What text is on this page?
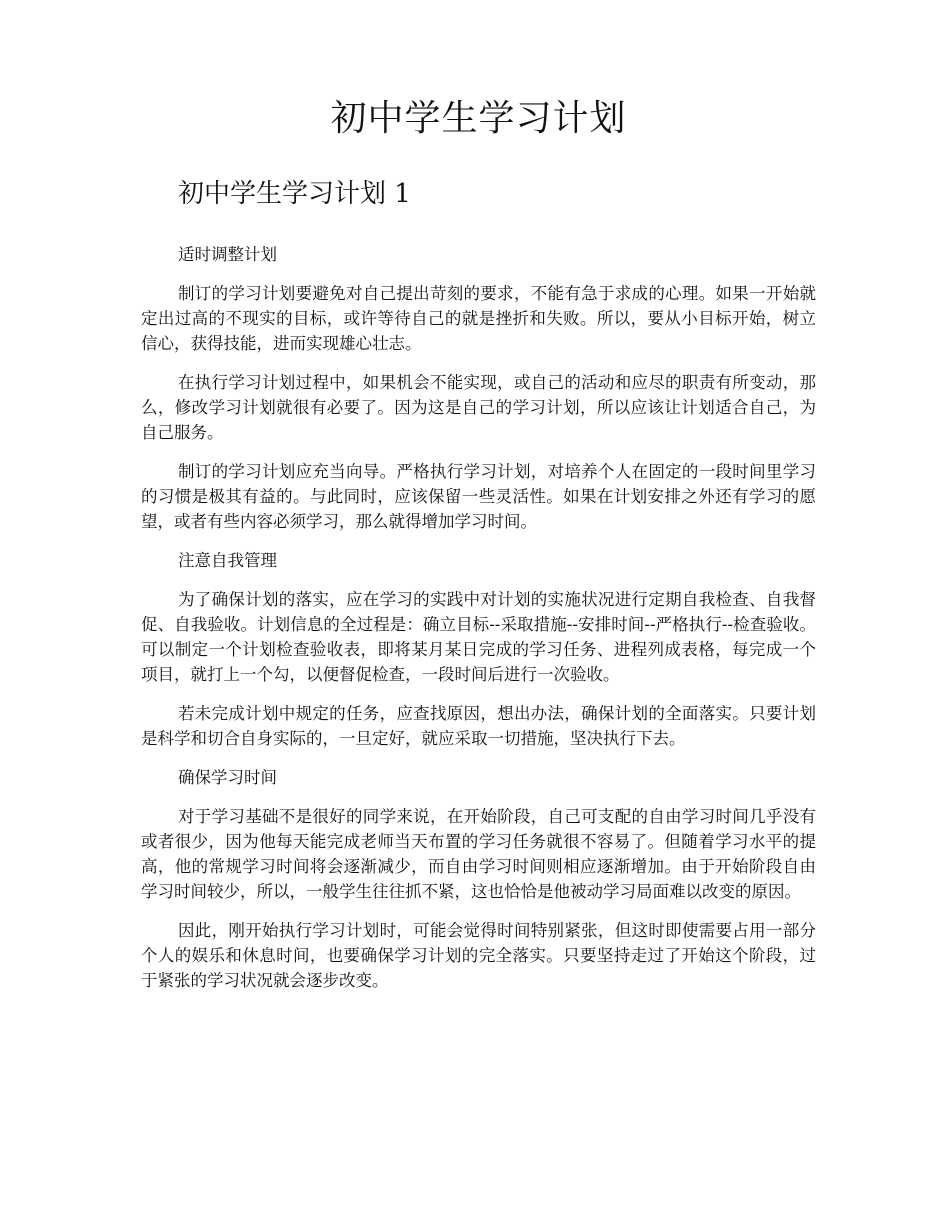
初中学生学习计划
初中学生学习计划 1

适时调整计划

制订的学习计划要避免对自己提出苛刻的要求，不能有急于求成的心理。如果一开始就定出过高的不现实的目标，或许等待自己的就是挫折和失败。所以，要从小目标开始，树立信心，获得技能，进而实现雄心壮志。

在执行学习计划过程中，如果机会不能实现，或自己的活动和应尽的职责有所变动，那么，修改学习计划就很有必要了。因为这是自己的学习计划，所以应该让计划适合自己，为自己服务。

制订的学习计划应充当向导。严格执行学习计划，对培养个人在固定的一段时间里学习的习惯是极其有益的。与此同时，应该保留一些灵活性。如果在计划安排之外还有学习的愿望，或者有些内容必须学习，那么就得增加学习时间。

注意自我管理

为了确保计划的落实，应在学习的实践中对计划的实施状况进行定期自我检查、自我督促、自我验收。计划信息的全过程是：确立目标--采取措施--安排时间--严格执行--检查验收。可以制定一个计划检查验收表，即将某月某日完成的学习任务、进程列成表格，每完成一个项目，就打上一个勾，以便督促检查，一段时间后进行一次验收。

若未完成计划中规定的任务，应查找原因，想出办法，确保计划的全面落实。只要计划是科学和切合自身实际的，一旦定好，就应采取一切措施，坚决执行下去。

确保学习时间

对于学习基础不是很好的同学来说，在开始阶段，自己可支配的自由学习时间几乎没有或者很少，因为他每天能完成老师当天布置的学习任务就很不容易了。但随着学习水平的提高，他的常规学习时间将会逐渐减少，而自由学习时间则相应逐渐增加。由于开始阶段自由学习时间较少，所以，一般学生往往抓不紧，这也恰恰是他被动学习局面难以改变的原因。

因此，刚开始执行学习计划时，可能会觉得时间特别紧张，但这时即使需要占用一部分个人的娱乐和休息时间，也要确保学习计划的完全落实。只要坚持走过了开始这个阶段，过于紧张的学习状况就会逐步改变。
